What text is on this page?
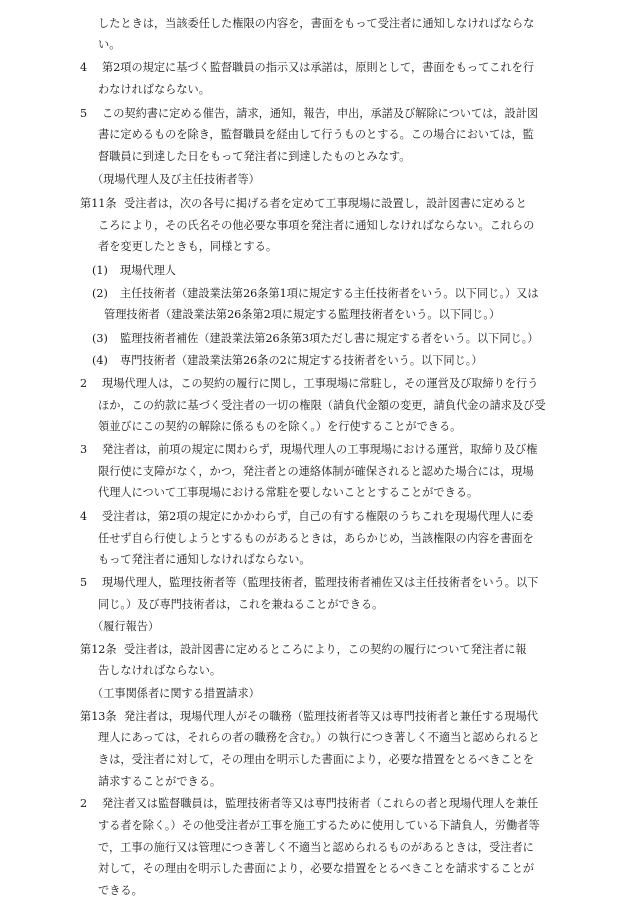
したときは，当該委任した権限の内容を，書面をもって受注者に通知しなければならな
い。
4 第2項の規定に基づく監督職員の指示又は承諾は，原則として，書面をもってこれを行
わなければならない。
5 この契約書に定める催告，請求，通知，報告，申出，承諾及び解除については，設計図
書に定めるものを除き，監督職員を経由して行うものとする。この場合においては，監
督職員に到達した日をもって発注者に到達したものとみなす。
（現場代理人及び主任技術者等）
第11条 受注者は，次の各号に掲げる者を定めて工事現場に設置し，設計図書に定めると
ころにより，その氏名その他必要な事項を発注者に通知しなければならない。これらの
者を変更したときも，同様とする。
(1) 現場代理人
(2) 主任技術者（建設業法第26条第1項に規定する主任技術者をいう。以下同じ。）又は
管理技術者（建設業法第26条第2項に規定する監理技術者をいう。以下同じ。）
(3) 監理技術者補佐（建設業法第26条第3項ただし書に規定する者をいう。以下同じ。）
(4) 専門技術者（建設業法第26条の2に規定する技術者をいう。以下同じ。）
2 現場代理人は，この契約の履行に関し，工事現場に常駐し，その運営及び取締りを行う
ほか，この約款に基づく受注者の一切の権限（請負代金額の変更，請負代金の請求及び受
領並びにこの契約の解除に係るものを除く。）を行使することができる。
3 発注者は，前項の規定に関わらず，現場代理人の工事現場における運営，取締り及び権
限行使に支障がなく，かつ，発注者との連絡体制が確保されると認めた場合には，現場
代理人について工事現場における常駐を要しないこととすることができる。
4 受注者は，第2項の規定にかかわらず，自己の有する権限のうちこれを現場代理人に委
任せず自ら行使しようとするものがあるときは，あらかじめ，当該権限の内容を書面を
もって発注者に通知しなければならない。
5 現場代理人，監理技術者等（監理技術者，監理技術者補佐又は主任技術者をいう。以下
同じ。）及び専門技術者は，これを兼ねることができる。
（履行報告）
第12条 受注者は，設計図書に定めるところにより，この契約の履行について発注者に報
告しなければならない。
（工事関係者に関する措置請求）
第13条 発注者は，現場代理人がその職務（監理技術者等又は専門技術者と兼任する現場代
理人にあっては，それらの者の職務を含む。）の執行につき著しく不適当と認められると
きは，受注者に対して，その理由を明示した書面により，必要な措置をとるべきことを
請求することができる。
2 発注者又は監督職員は，監理技術者等又は専門技術者（これらの者と現場代理人を兼任
する者を除く。）その他受注者が工事を施工するために使用している下請負人，労働者等
で，工事の施行又は管理につき著しく不適当と認められるものがあるときは，受注者に
対して，その理由を明示した書面により，必要な措置をとるべきことを請求することが
できる。
